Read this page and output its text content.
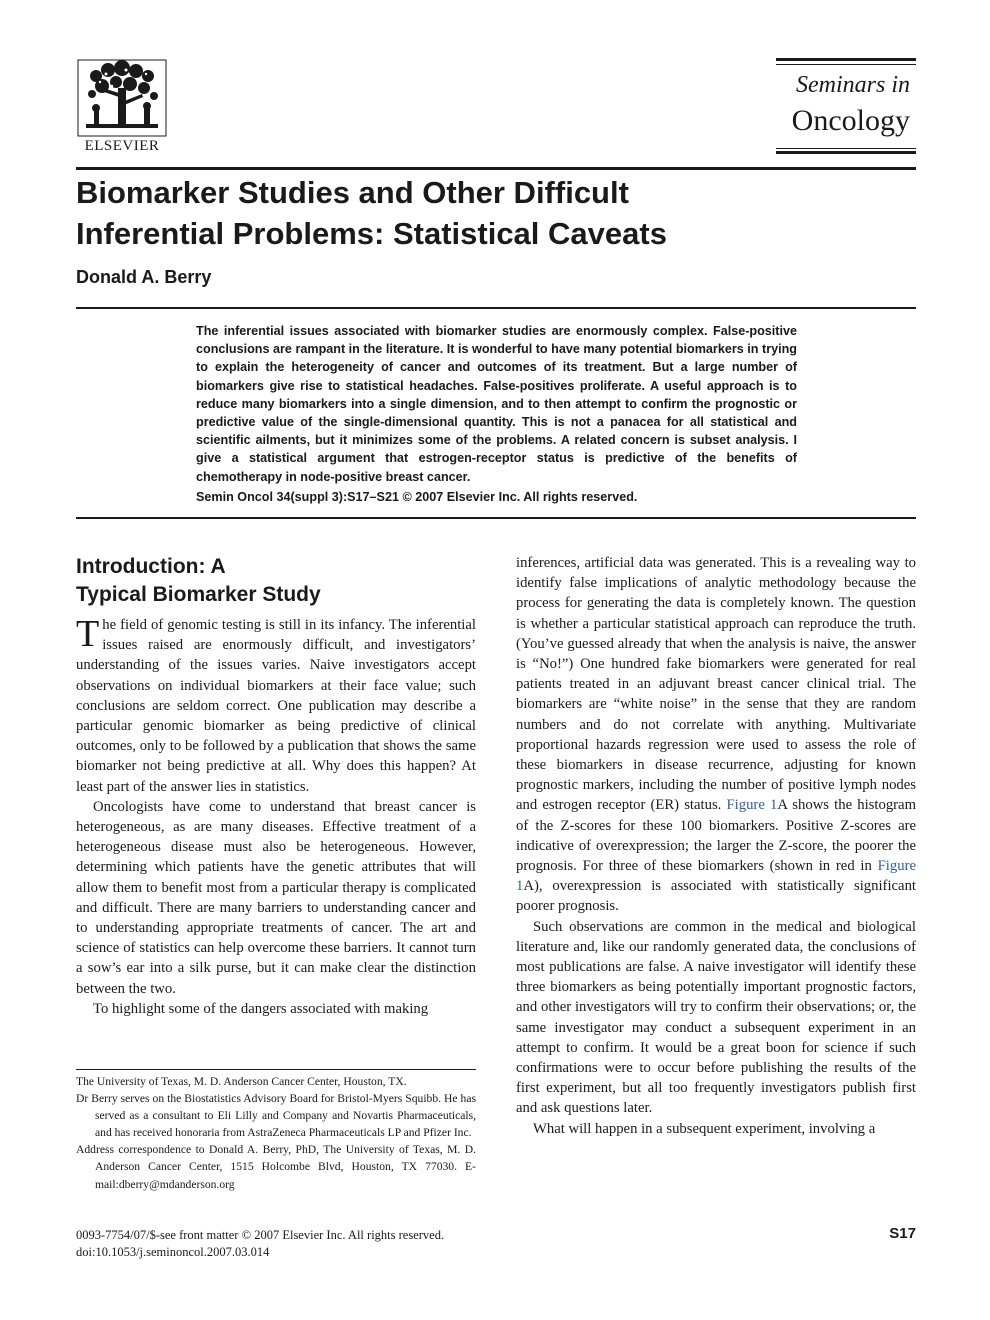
ELSEVIER
Seminars in
Oncology
Biomarker Studies and Other Difficult
Inferential Problems: Statistical Caveats
Donald A. Berry

The inferential issues associated with biomarker studies are enormously complex. False-positive conclusions are rampant in the literature. It is wonderful to have many potential biomarkers in trying to explain the heterogeneity of cancer and outcomes of its treatment. But a large number of biomarkers give rise to statistical headaches. False-positives proliferate. A useful approach is to reduce many biomarkers into a single dimension, and to then attempt to confirm the prognostic or predictive value of the single-dimensional quantity. This is not a panacea for all statistical and scientific ailments, but it minimizes some of the problems. A related concern is subset analysis. I give a statistical argument that estrogen-receptor status is predictive of the benefits of chemotherapy in node-positive breast cancer.

Semin Oncol 34(suppl 3):S17–S21 © 2007 Elsevier Inc. All rights reserved.
Introduction: A
Typical Biomarker Study

The field of genomic testing is still in its infancy. The inferential issues raised are enormously difficult, and investigators’ understanding of the issues varies. Naive investigators accept observations on individual biomarkers at their face value; such conclusions are seldom correct. One publication may describe a particular genomic biomarker as being predictive of clinical outcomes, only to be followed by a publication that shows the same biomarker not being predictive at all. Why does this happen? At least part of the answer lies in statistics.

Oncologists have come to understand that breast cancer is heterogeneous, as are many diseases. Effective treatment of a heterogeneous disease must also be heterogeneous. However, determining which patients have the genetic attributes that will allow them to benefit most from a particular therapy is complicated and difficult. There are many barriers to understanding cancer and to understanding appropriate treatments of cancer. The art and science of statistics can help overcome these barriers. It cannot turn a sow’s ear into a silk purse, but it can make clear the distinction between the two.

To highlight some of the dangers associated with making

The University of Texas, M. D. Anderson Cancer Center, Houston, TX.

Dr Berry serves on the Biostatistics Advisory Board for Bristol-Myers Squibb. He has served as a consultant to Eli Lilly and Company and Novartis Pharmaceuticals, and has received honoraria from AstraZeneca Pharmaceuticals LP and Pfizer Inc.

Address correspondence to Donald A. Berry, PhD, The University of Texas, M. D. Anderson Cancer Center, 1515 Holcombe Blvd, Houston, TX 77030. E-mail:dberry@mdanderson.org

inferences, artificial data was generated. This is a revealing way to identify false implications of analytic methodology because the process for generating the data is completely known. The question is whether a particular statistical approach can reproduce the truth. (You’ve guessed already that when the analysis is naive, the answer is “No!”) One hundred fake biomarkers were generated for real patients treated in an adjuvant breast cancer clinical trial. The biomarkers are “white noise” in the sense that they are random numbers and do not correlate with anything. Multivariate proportional hazards regression were used to assess the role of these biomarkers in disease recurrence, adjusting for known prognostic markers, including the number of positive lymph nodes and estrogen receptor (ER) status. Figure 1A shows the histogram of the Z-scores for these 100 biomarkers. Positive Z-scores are indicative of overexpression; the larger the Z-score, the poorer the prognosis. For three of these biomarkers (shown in red in Figure 1A), overexpression is associated with statistically significant poorer prognosis.

Such observations are common in the medical and biological literature and, like our randomly generated data, the conclusions of most publications are false. A naive investigator will identify these three biomarkers as being potentially important prognostic factors, and other investigators will try to confirm their observations; or, the same investigator may conduct a subsequent experiment in an attempt to confirm. It would be a great boon for science if such confirmations were to occur before publishing the results of the first experiment, but all too frequently investigators publish first and ask questions later.

What will happen in a subsequent experiment, involving a

0093-7754/07/$-see front matter © 2007 Elsevier Inc. All rights reserved.
doi:10.1053/j.seminoncol.2007.03.014
S17
